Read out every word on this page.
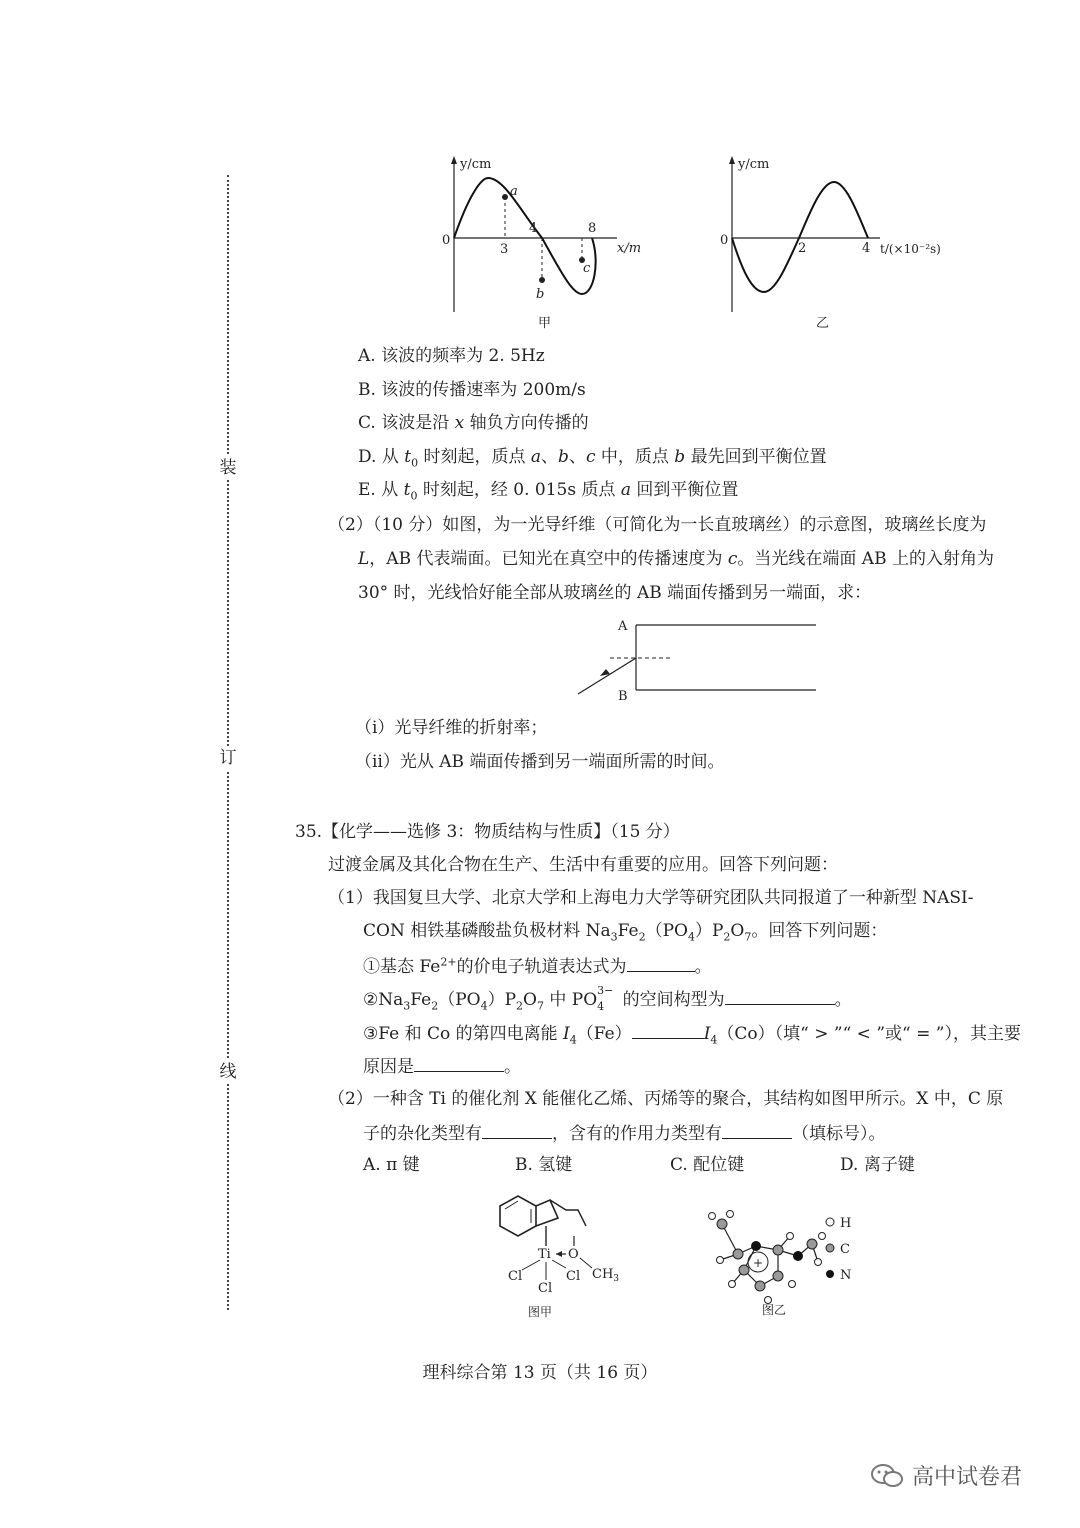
装
订
线
y/cm
0
3
4	8
x/m
a
b
c
甲
y/cm
0
2	4 t/(×10⁻²s)
乙
A. 该波的频率为 2. 5Hz
B. 该波的传播速率为 200m/s
C. 该波是沿 x 轴负方向传播的
D. 从 $t_0$ 时刻起，质点 a、b、c 中，质点 b 最先回到平衡位置
E. 从 $t_0$ 时刻起，经 0. 015s 质点 a 回到平衡位置
（2）（10 分）如图，为一光导纤维（可简化为一长直玻璃丝）的示意图，玻璃丝长度为
L，AB 代表端面。已知光在真空中的传播速度为 c。当光线在端面 AB 上的入射角为
30° 时，光线恰好能全部从玻璃丝的 AB 端面传播到另一端面，求：
A
B
（ⅰ）光导纤维的折射率；
（ⅱ）光从 AB 端面传播到另一端面所需的时间。
35.【化学——选修 3：物质结构与性质】（15 分）
过渡金属及其化合物在生产、生活中有重要的应用。回答下列问题：
（1）我国复旦大学、北京大学和上海电力大学等研究团队共同报道了一种新型 NASI-
CON 相铁基磷酸盐负极材料 $Na_3Fe_2(PO_4)P_2O_7$。回答下列问题：
①基态 $Fe^{2+}$的价电子轨道表达式为	。
$②Na_3Fe_2(PO_4)P_2O_7$ 中 PO 3−
4 的空间构型为	。
③Fe 和 Co 的第四电离能 $I_4(Fe)$	$I_4(Co)$（填“ > ”“ < ”或“ = ”），其主要
原因是	。
（2）一种含 Ti 的催化剂 X 能催化乙烯、丙烯等的聚合，其结构如图甲所示。X 中，C 原
子的杂化类型有	，含有的作用力类型有	（填标号）。
A. π 键	B. 氢键	C. 配位键	D. 离子键
Ti O
Cl
Cl
Cl $CH_3$
图甲
+
H
C
N
图乙
理科综合第 13 页（共 16 页）
高中试卷君
